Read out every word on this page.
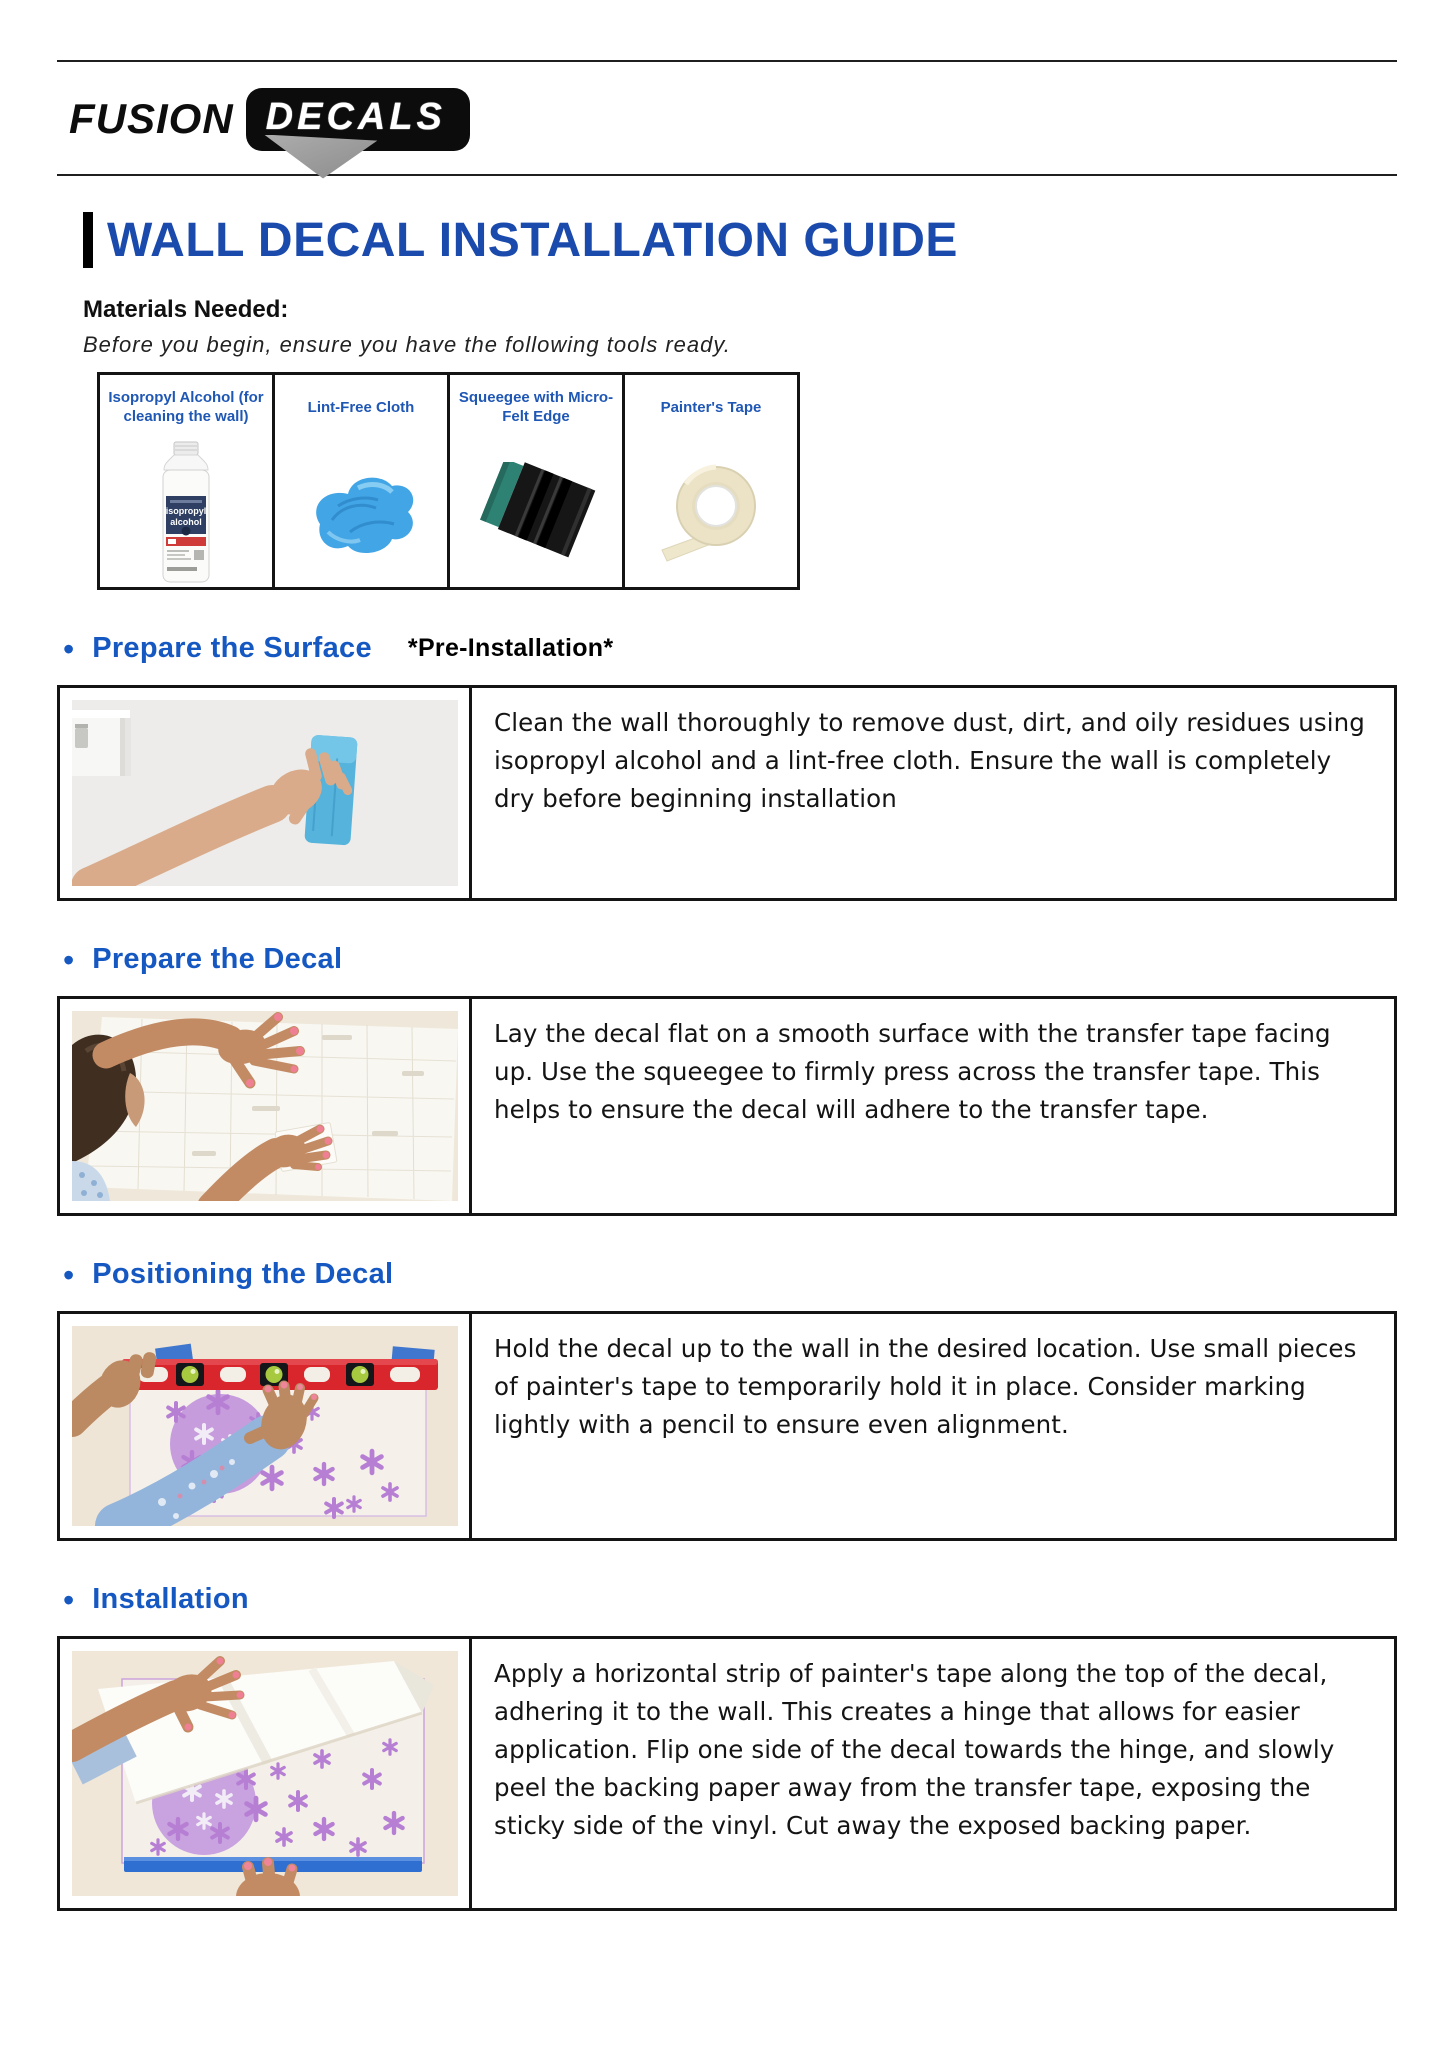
FUSION DECALS
WALL DECAL INSTALLATION GUIDE
Materials Needed:
Before you begin, ensure you have the following tools ready.
Isopropyl Alcohol (for cleaning the wall)
isopropyl
alcohol

Lint-Free Cloth

Squeegee with Micro-Felt Edge

Painter's Tape
• Prepare the Surface *Pre-Installation*
Clean the wall thoroughly to remove dust, dirt, and oily residues using isopropyl alcohol and a lint-free cloth. Ensure the wall is completely dry before beginning installation
• Prepare the Decal
Lay the decal flat on a smooth surface with the transfer tape facing up. Use the squeegee to firmly press across the transfer tape. This helps to ensure the decal will adhere to the transfer tape.
• Positioning the Decal
Hold the decal up to the wall in the desired location. Use small pieces of painter's tape to temporarily hold it in place. Consider marking lightly with a pencil to ensure even alignment.
• Installation
Apply a horizontal strip of painter's tape along the top of the decal, adhering it to the wall. This creates a hinge that allows for easier application. Flip one side of the decal towards the hinge, and slowly peel the backing paper away from the transfer tape, exposing the sticky side of the vinyl. Cut away the exposed backing paper.
